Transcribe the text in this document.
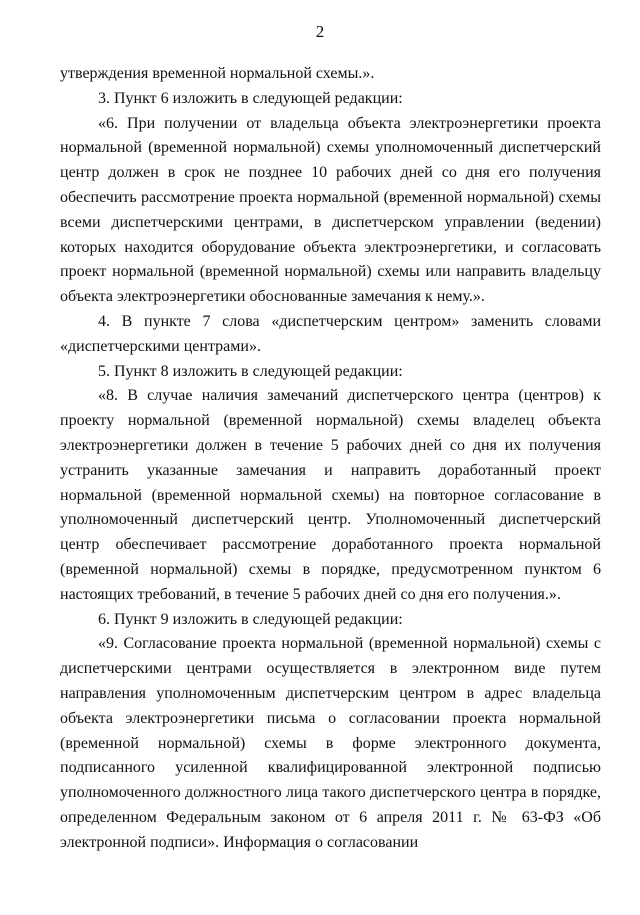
2

утверждения временной нормальной схемы.».

3. Пункт 6 изложить в следующей редакции:

«6. При получении от владельца объекта электроэнергетики проекта нормальной (временной нормальной) схемы уполномоченный диспетчерский центр должен в срок не позднее 10 рабочих дней со дня его получения обеспечить рассмотрение проекта нормальной (временной нормальной) схемы всеми диспетчерскими центрами, в диспетчерском управлении (ведении) которых находится оборудование объекта электроэнергетики, и согласовать проект нормальной (временной нормальной) схемы или направить владельцу объекта электроэнергетики обоснованные замечания к нему.».

4. В пункте 7 слова «диспетчерским центром» заменить словами «диспетчерскими центрами».

5. Пункт 8 изложить в следующей редакции:

«8. В случае наличия замечаний диспетчерского центра (центров) к проекту нормальной (временной нормальной) схемы владелец объекта электроэнергетики должен в течение 5 рабочих дней со дня их получения устранить указанные замечания и направить доработанный проект нормальной (временной нормальной схемы) на повторное согласование в уполномоченный диспетчерский центр. Уполномоченный диспетчерский центр обеспечивает рассмотрение доработанного проекта нормальной (временной нормальной) схемы в порядке, предусмотренном пунктом 6 настоящих требований, в течение 5 рабочих дней со дня его получения.».

6. Пункт 9 изложить в следующей редакции:

«9. Согласование проекта нормальной (временной нормальной) схемы с диспетчерскими центрами осуществляется в электронном виде путем направления уполномоченным диспетчерским центром в адрес владельца объекта электроэнергетики письма о согласовании проекта нормальной (временной нормальной) схемы в форме электронного документа, подписанного усиленной квалифицированной электронной подписью уполномоченного должностного лица такого диспетчерского центра в порядке, определенном Федеральным законом от 6 апреля 2011 г. № 63-ФЗ «Об электронной подписи». Информация о согласовании
